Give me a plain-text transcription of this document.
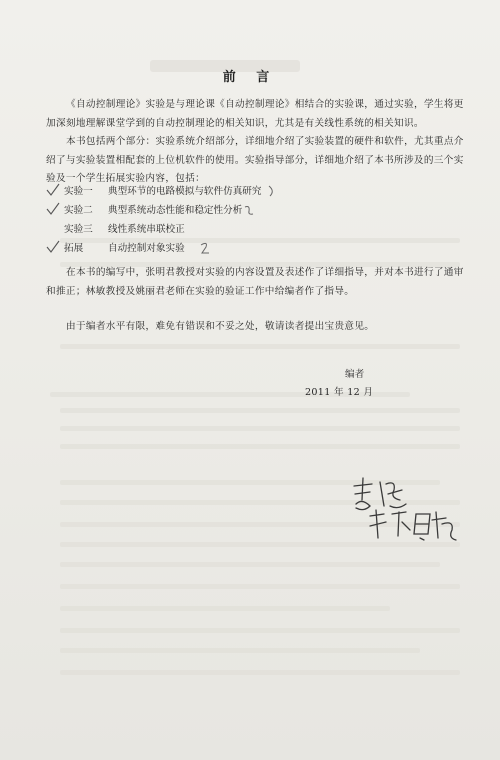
前 言

《自动控制理论》实验是与理论课《自动控制理论》相结合的实验课，通过实验，学生将更加深刻地理解课堂学到的自动控制理论的相关知识，尤其是有关线性系统的相关知识。

本书包括两个部分：实验系统介绍部分，详细地介绍了实验装置的硬件和软件，尤其重点介绍了与实验装置相配套的上位机软件的使用。实验指导部分，详细地介绍了本书所涉及的三个实验及一个学生拓展实验内容，包括：

实验一 典型环节的电路模拟与软件仿真研究
实验二 典型系统动态性能和稳定性分析
实验三 线性系统串联校正
拓展	自动控制对象实验

在本书的编写中，张明君教授对实验的内容设置及表述作了详细指导，并对本书进行了通审和推正；林敏教授及姚丽君老师在实验的验证工作中给编者作了指导。

由于编者水平有限，难免有错误和不妥之处，敬请读者提出宝贵意见。

编者
2011 年 12 月
